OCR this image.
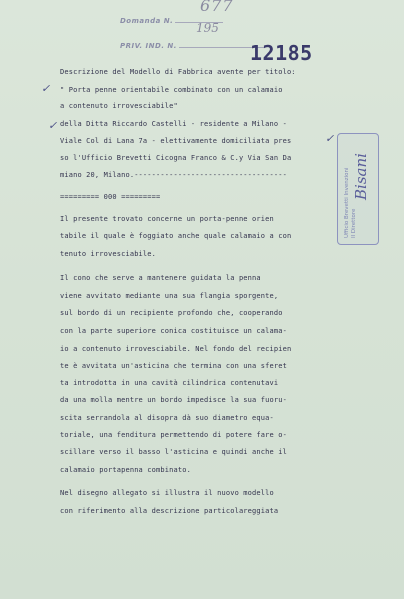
677
Domanda N.	195
PRIV. IND. N.	12185
✓
✓
✓
Descrizione del Modello di Fabbrica avente per titolo:
" Porta penne orientabile combinato con un calamaio
a contenuto irrovesciabile"
della Ditta Riccardo Castelli - residente a Milano -
Viale Col di Lana 7a - elettivamente domiciliata pres
so l'Ufficio Brevetti Cicogna Franco & C.y Via San Da
miano 20, Milano.-----------------------------------
========= 000 =========
Il presente trovato concerne un porta-penne orien
tabile il quale è foggiato anche quale calamaio a con
tenuto irrovesciabile.
Il cono che serve a mantenere guidata la penna
viene avvitato mediante una sua flangia sporgente,
sul bordo di un recipiente profondo che, cooperando
con la parte superiore conica costituisce un calama-
io a contenuto irrovesciabile. Nel fondo del recipien
te è avvitata un'asticina che termina con una sferet
ta introdotta in una cavità cilindrica contenutavi
da una molla mentre un bordo impedisce la sua fuoru-
scita serrandola al disopra dà suo diametro equa-
toriale, una fenditura permettendo di potere fare o-
scillare verso il basso l'asticina e quindi anche il
calamaio portapenna combinato.
Nel disegno allegato si illustra il nuovo modello
con riferimento alla descrizione particolareggiata
Ufficio Brevetti Invenzioni Il Direttore
Bisani
